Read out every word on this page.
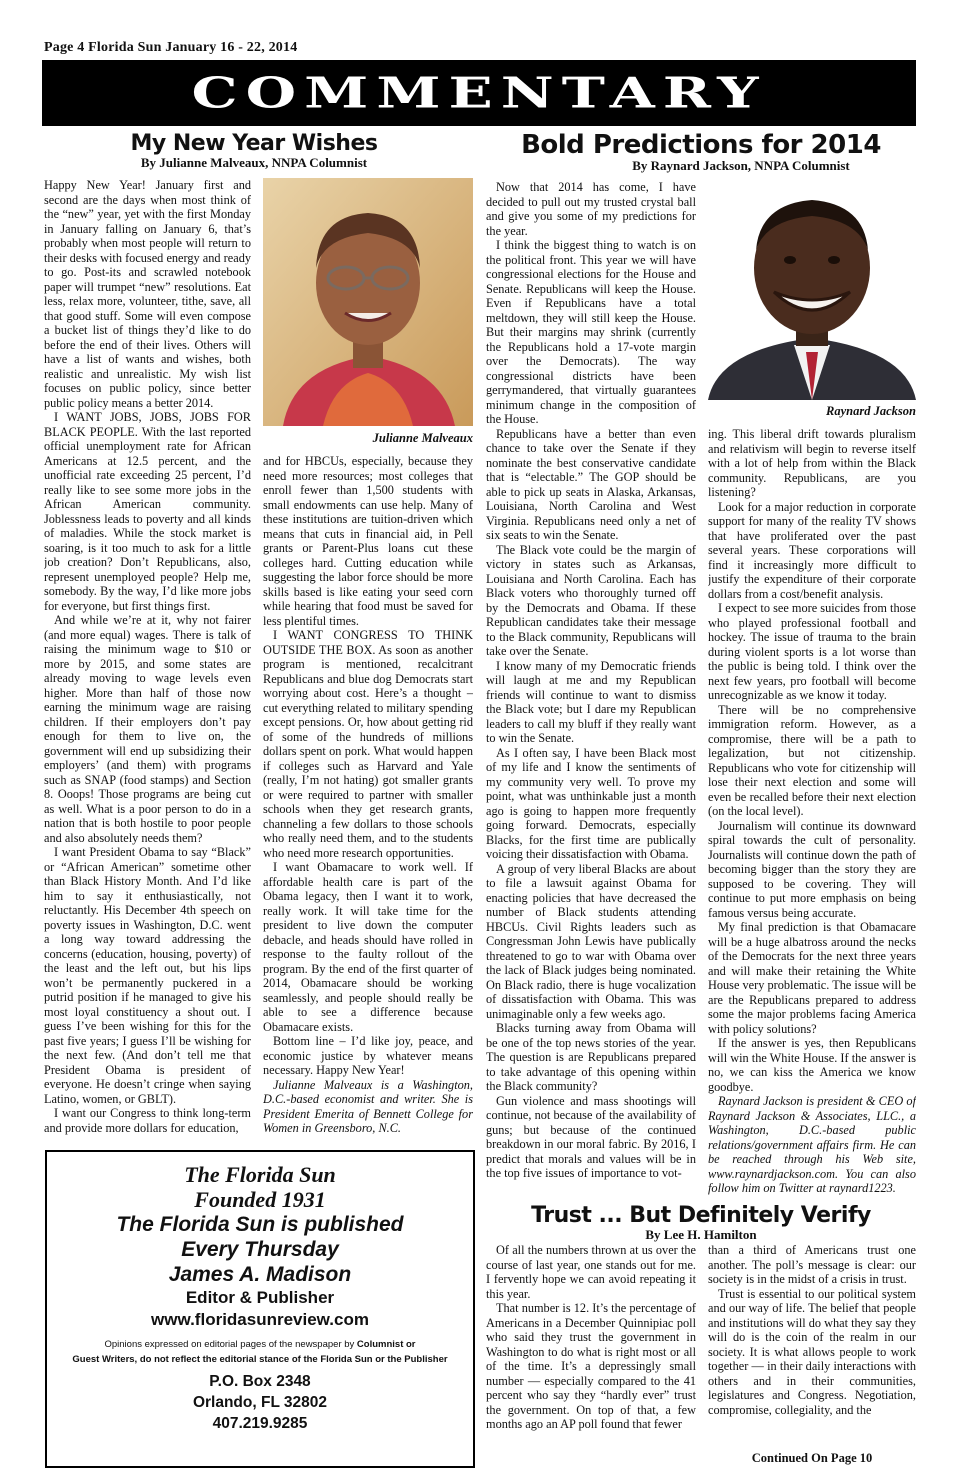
Page 4 Florida Sun January 16 - 22, 2014
COMMENTARY
My New Year Wishes
By Julianne Malveaux, NNPA Columnist

Happy New Year! January first and second are the days when most think of the “new” year, yet with the first Monday in January falling on January 6, that’s probably when most people will return to their desks with focused energy and ready to go. Post-its and scrawled notebook paper will trumpet “new” resolutions. Eat less, relax more, volunteer, tithe, save, all that good stuff. Some will even compose a bucket list of things they’d like to do before the end of their lives. Others will have a list of wants and wishes, both realistic and unrealistic. My wish list focuses on public policy, since better public policy means a better 2014.

I WANT JOBS, JOBS, JOBS FOR BLACK PEOPLE. With the last reported official unemployment rate for African Americans at 12.5 percent, and the unofficial rate exceeding 25 percent, I’d really like to see some more jobs in the African American community. Joblessness leads to poverty and all kinds of maladies. While the stock market is soaring, is it too much to ask for a little job creation? Don’t Republicans, also, represent unemployed people? Help me, somebody. By the way, I’d like more jobs for everyone, but first things first.

And while we’re at it, why not fairer (and more equal) wages. There is talk of raising the minimum wage to $10 or more by 2015, and some states are already moving to wage levels even higher. More than half of those now earning the minimum wage are raising children. If their employers don’t pay enough for them to live on, the government will end up subsidizing their employers’ (and them) with programs such as SNAP (food stamps) and Section 8. Ooops! Those programs are being cut as well. What is a poor person to do in a nation that is both hostile to poor people and also absolutely needs them?

I want President Obama to say “Black” or “African American” sometime other than Black History Month. And I’d like him to say it enthusiastically, not reluctantly. His December 4th speech on poverty issues in Washington, D.C. went a long way toward addressing the concerns (education, housing, poverty) of the least and the left out, but his lips won’t be permanently puckered in a putrid position if he managed to give his most loyal constituency a shout out. I guess I’ve been wishing for this for the past five years; I guess I’ll be wishing for the next few. (And don’t tell me that President Obama is president of everyone. He doesn’t cringe when saying Latino, women, or GBLT).

I want our Congress to think long-term and provide more dollars for education,

Julianne Malveaux

and for HBCUs, especially, because they need more resources; most colleges that enroll fewer than 1,500 students with small endowments can use help. Many of these institutions are tuition-driven which means that cuts in financial aid, in Pell grants or Parent-Plus loans cut these colleges hard. Cutting education while suggesting the labor force should be more skills based is like eating your seed corn while hearing that food must be saved for less plentiful times.

I WANT CONGRESS TO THINK OUTSIDE THE BOX. As soon as another program is mentioned, recalcitrant Republicans and blue dog Democrats start worrying about cost. Here’s a thought – cut everything related to military spending except pensions. Or, how about getting rid of some of the hundreds of millions dollars spent on pork. What would happen if colleges such as Harvard and Yale (really, I’m not hating) got smaller grants or were required to partner with smaller schools when they get research grants, channeling a few dollars to those schools who really need them, and to the students who need more research opportunities.

I want Obamacare to work well. If affordable health care is part of the Obama legacy, then I want it to work, really work. It will take time for the president to live down the computer debacle, and heads should have rolled in response to the faulty rollout of the program. By the end of the first quarter of 2014, Obamacare should be working seamlessly, and people should really be able to see a difference because Obamacare exists.

Bottom line – I’d like joy, peace, and economic justice by whatever means necessary. Happy New Year!

Julianne Malveaux is a Washington, D.C.-based economist and writer. She is President Emerita of Bennett College for Women in Greensboro, N.C.

Bold Predictions for 2014
By Raynard Jackson, NNPA Columnist

Now that 2014 has come, I have decided to pull out my trusted crystal ball and give you some of my predictions for the year.

I think the biggest thing to watch is on the political front. This year we will have congressional elections for the House and Senate. Republicans will keep the House. Even if Republicans have a total meltdown, they will still keep the House. But their margins may shrink (currently the Republicans hold a 17-vote margin over the Democrats). The way congressional districts have been gerrymandered, that virtually guarantees minimum change in the composition of the House.

Republicans have a better than even chance to take over the Senate if they nominate the best conservative candidate that is “electable.” The GOP should be able to pick up seats in Alaska, Arkansas, Louisiana, North Carolina and West Virginia. Republicans need only a net of six seats to win the Senate.

The Black vote could be the margin of victory in states such as Arkansas, Louisiana and North Carolina. Each has Black voters who thoroughly turned off by the Democrats and Obama. If these Republican candidates take their message to the Black community, Republicans will take over the Senate.

I know many of my Democratic friends will laugh at me and my Republican friends will continue to want to dismiss the Black vote; but I dare my Republican leaders to call my bluff if they really want to win the Senate.

As I often say, I have been Black most of my life and I know the sentiments of my community very well. To prove my point, what was unthinkable just a month ago is going to happen more frequently going forward. Democrats, especially Blacks, for the first time are publically voicing their dissatisfaction with Obama.

A group of very liberal Blacks are about to file a lawsuit against Obama for enacting policies that have decreased the number of Black students attending HBCUs. Civil Rights leaders such as Congressman John Lewis have publically threatened to go to war with Obama over the lack of Black judges being nominated. On Black radio, there is huge vocalization of dissatisfaction with Obama. This was unimaginable only a few weeks ago.

Blacks turning away from Obama will be one of the top news stories of the year. The question is are Republicans prepared to take advantage of this opening within the Black community?

Gun violence and mass shootings will continue, not because of the availability of guns; but because of the continued breakdown in our moral fabric. By 2016, I predict that morals and values will be in the top five issues of importance to vot-

Raynard Jackson

ing. This liberal drift towards pluralism and relativism will begin to reverse itself with a lot of help from within the Black community. Republicans, are you listening?

Look for a major reduction in corporate support for many of the reality TV shows that have proliferated over the past several years. These corporations will find it increasingly more difficult to justify the expenditure of their corporate dollars from a cost/benefit analysis.

I expect to see more suicides from those who played professional football and hockey. The issue of trauma to the brain during violent sports is a lot worse than the public is being told. I think over the next few years, pro football will become unrecognizable as we know it today.

There will be no comprehensive immigration reform. However, as a compromise, there will be a path to legalization, but not citizenship. Republicans who vote for citizenship will lose their next election and some will even be recalled before their next election (on the local level).

Journalism will continue its downward spiral towards the cult of personality. Journalists will continue down the path of becoming bigger than the story they are supposed to be covering. They will continue to put more emphasis on being famous versus being accurate.

My final prediction is that Obamacare will be a huge albatross around the necks of the Democrats for the next three years and will make their retaining the White House very problematic. The issue will be are the Republicans prepared to address some the major problems facing America with policy solutions?

If the answer is yes, then Republicans will win the White House. If the answer is no, we can kiss the America we know goodbye.

Raynard Jackson is president & CEO of Raynard Jackson & Associates, LLC., a Washington, D.C.-based public relations/government affairs firm. He can be reached through his Web site, www.raynardjackson.com. You can also follow him on Twitter at raynard1223.

Trust ... But Definitely Verify
By Lee H. Hamilton

Of all the numbers thrown at us over the course of last year, one stands out for me. I fervently hope we can avoid repeating it this year.

That number is 12. It’s the percentage of Americans in a December Quinnipiac poll who said they trust the government in Washington to do what is right most or all of the time. It’s a depressingly small number — especially compared to the 41 percent who say they “hardly ever” trust the government. On top of that, a few months ago an AP poll found that fewer

than a third of Americans trust one another. The poll’s message is clear: our society is in the midst of a crisis in trust.

Trust is essential to our political system and our way of life. The belief that people and institutions will do what they say they will do is the coin of the realm in our society. It is what allows people to work together — in their daily interactions with others and in their communities, legislatures and Congress. Negotiation, compromise, collegiality, and the

Continued On Page 10
The Florida Sun
Founded 1931
The Florida Sun is published
Every Thursday
James A. Madison
Editor & Publisher
www.floridasunreview.com
Opinions expressed on editorial pages of the newspaper by Columnist or
Guest Writers, do not reflect the editorial stance of the Florida Sun or the Publisher
P.O. Box 2348
Orlando, FL 32802
407.219.9285
